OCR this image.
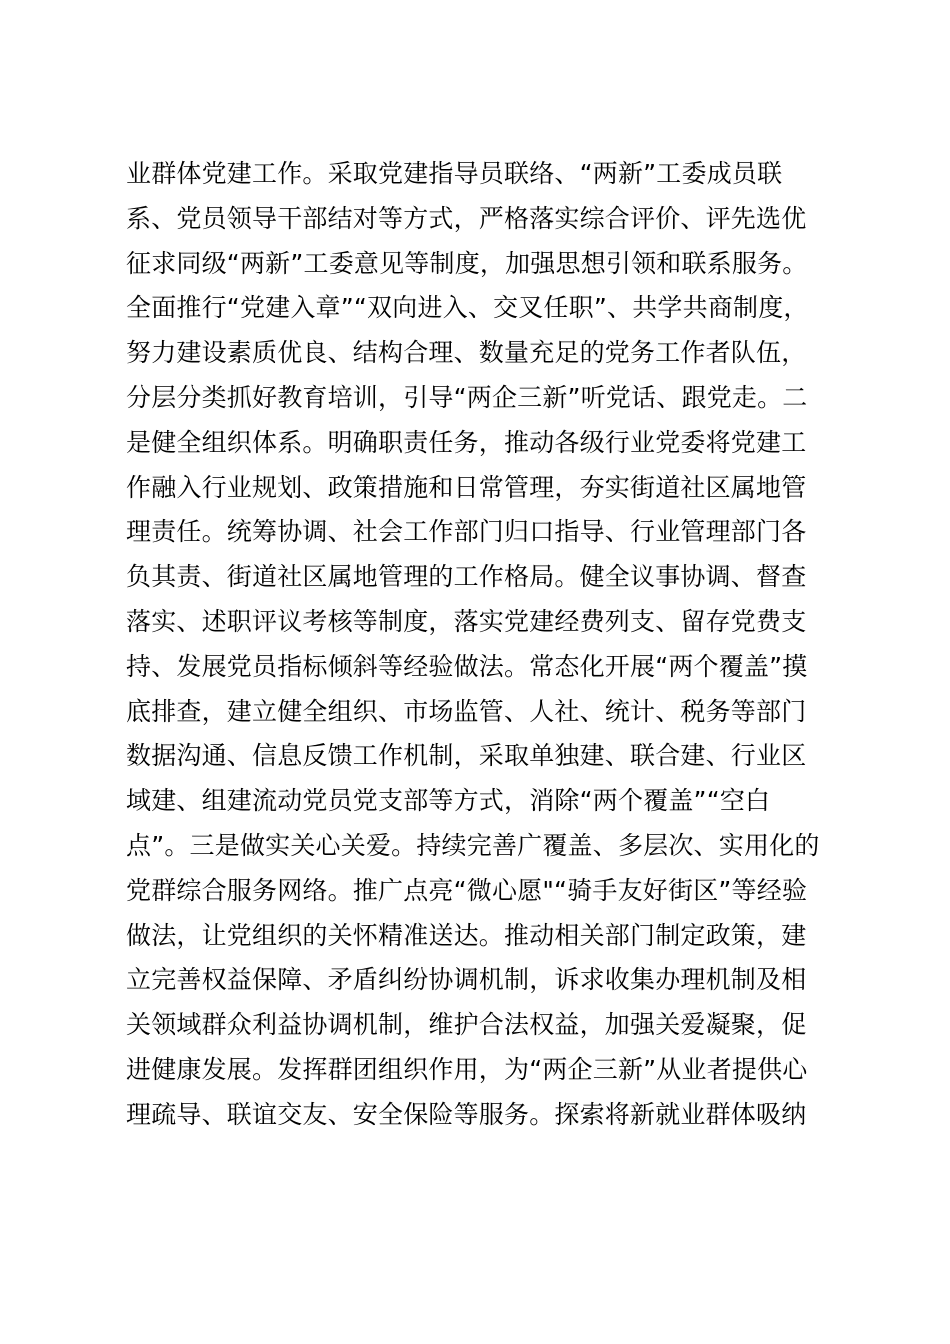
业群体党建工作。采取党建指导员联络、“两新”工委成员联
系、党员领导干部结对等方式，严格落实综合评价、评先选优
征求同级“两新”工委意见等制度，加强思想引领和联系服务。
全面推行“党建入章”“双向进入、交叉任职”、共学共商制度，
努力建设素质优良、结构合理、数量充足的党务工作者队伍，
分层分类抓好教育培训，引导“两企三新”听党话、跟党走。二
是健全组织体系。明确职责任务，推动各级行业党委将党建工
作融入行业规划、政策措施和日常管理，夯实街道社区属地管
理责任。统筹协调、社会工作部门归口指导、行业管理部门各
负其责、街道社区属地管理的工作格局。健全议事协调、督查
落实、述职评议考核等制度，落实党建经费列支、留存党费支
持、发展党员指标倾斜等经验做法。常态化开展“两个覆盖”摸
底排查，建立健全组织、市场监管、人社、统计、税务等部门
数据沟通、信息反馈工作机制，采取单独建、联合建、行业区
域建、组建流动党员党支部等方式，消除“两个覆盖”“空白
点”。三是做实关心关爱。持续完善广覆盖、多层次、实用化的
党群综合服务网络。推广点亮“微心愿"“骑手友好街区”等经验
做法，让党组织的关怀精准送达。推动相关部门制定政策，建
立完善权益保障、矛盾纠纷协调机制，诉求收集办理机制及相
关领域群众利益协调机制，维护合法权益，加强关爱凝聚，促
进健康发展。发挥群团组织作用，为“两企三新”从业者提供心
理疏导、联谊交友、安全保险等服务。探索将新就业群体吸纳
